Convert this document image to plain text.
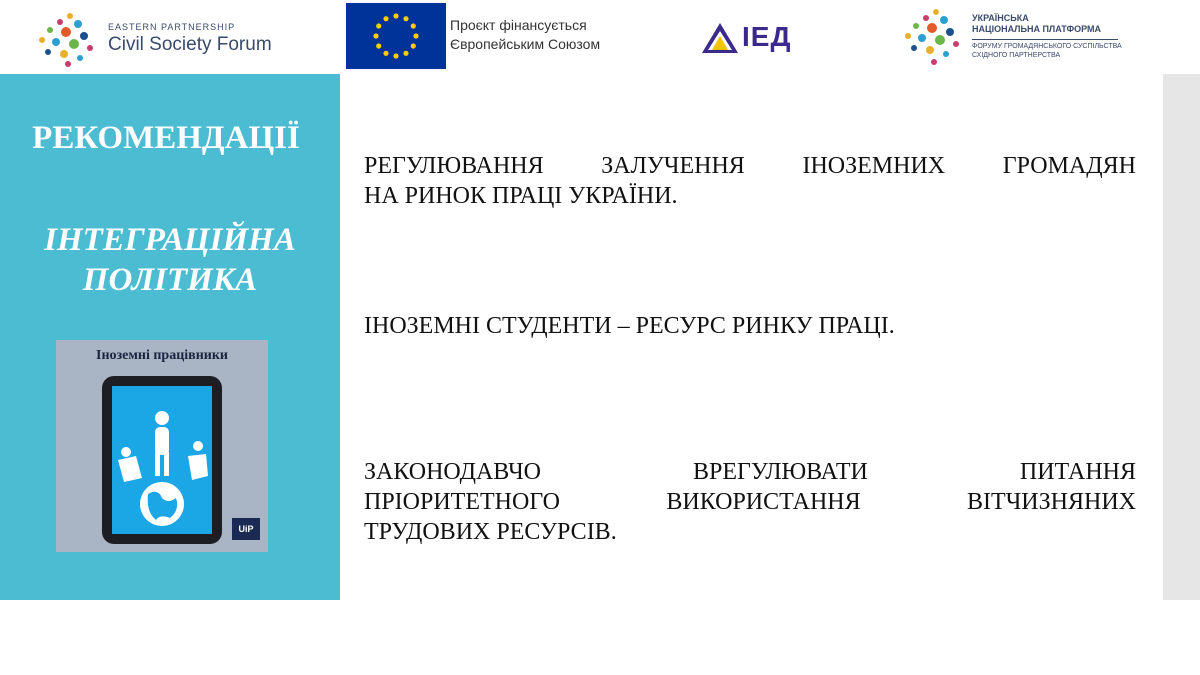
EASTERN PARTNERSHIP
Civil Society Forum
Проєкт фінансується
Європейським Союзом	ІЕД
УКРАЇНСЬКА
НАЦІОНАЛЬНА ПЛАТФОРМА
ФОРУМУ ГРОМАДЯНСЬКОГО СУСПІЛЬСТВА
СХІДНОГО ПАРТНЕРСТВА
РЕКОМЕНДАЦІЇ
ІНТЕГРАЦІЙНА
ПОЛІТИКА
Іноземні працівники
UiP
РЕГУЛЮВАННЯ ЗАЛУЧЕННЯ ІНОЗЕМНИХ ГРОМАДЯН
НА РИНОК ПРАЦІ УКРАЇНИ.
ІНОЗЕМНІ СТУДЕНТИ – РЕСУРС РИНКУ ПРАЦІ.
ЗАКОНОДАВЧО ВРЕГУЛЮВАТИ ПИТАННЯ
ПРІОРИТЕТНОГО ВИКОРИСТАННЯ ВІТЧИЗНЯНИХ
ТРУДОВИХ РЕСУРСІВ.
